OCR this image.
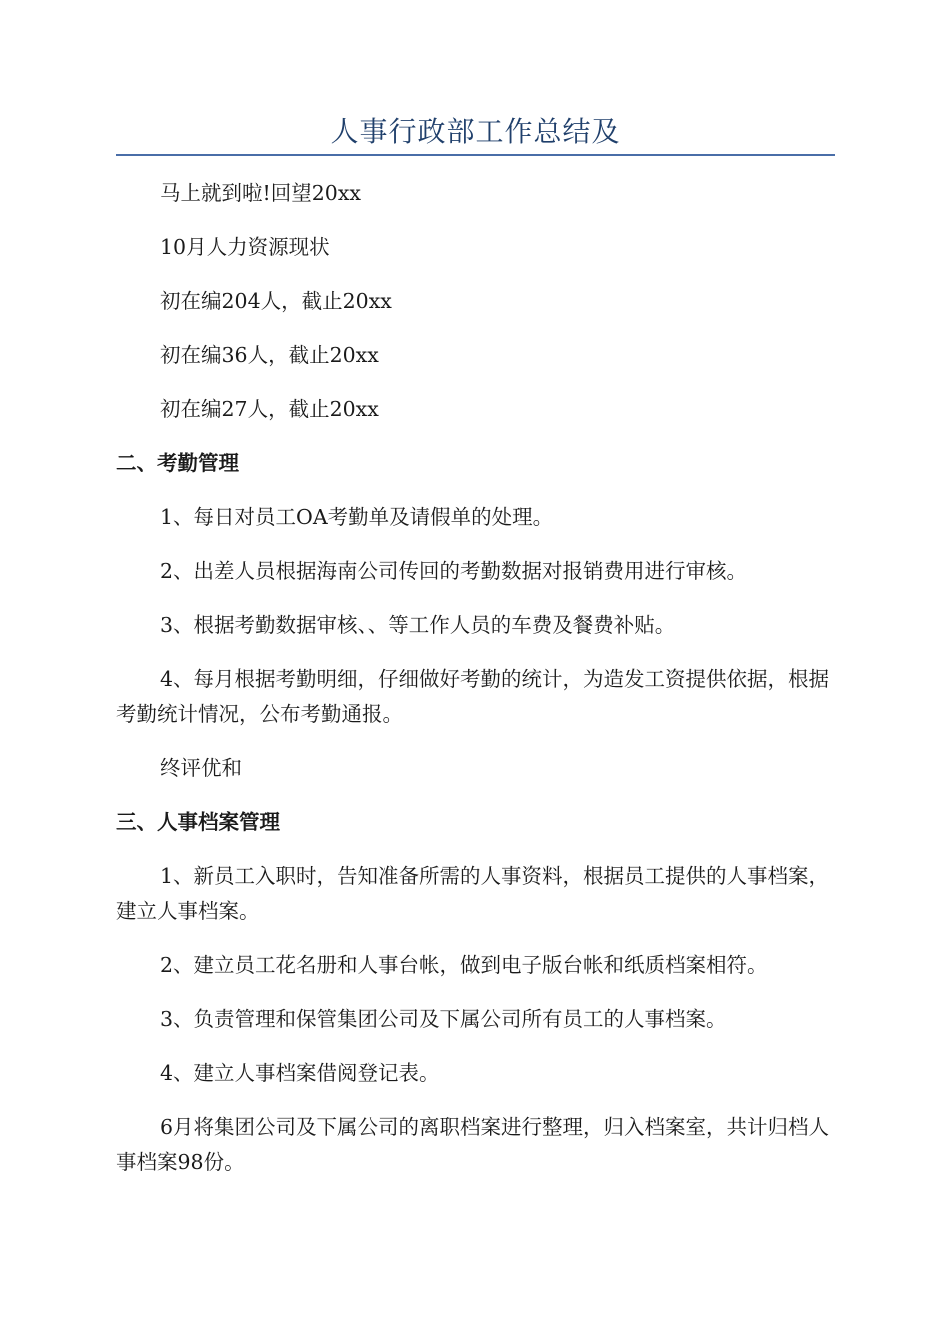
人事行政部工作总结及

马上就到啦!回望20xx

10月人力资源现状

初在编204人，截止20xx

初在编36人，截止20xx

初在编27人，截止20xx

二、考勤管理

1、每日对员工OA考勤单及请假单的处理。

2、出差人员根据海南公司传回的考勤数据对报销费用进行审核。

3、根据考勤数据审核、、等工作人员的车费及餐费补贴。

4、每月根据考勤明细，仔细做好考勤的统计，为造发工资提供依据，根据考勤统计情况，公布考勤通报。

终评优和

三、人事档案管理

1、新员工入职时，告知准备所需的人事资料，根据员工提供的人事档案，建立人事档案。

2、建立员工花名册和人事台帐，做到电子版台帐和纸质档案相符。

3、负责管理和保管集团公司及下属公司所有员工的人事档案。

4、建立人事档案借阅登记表。

6月将集团公司及下属公司的离职档案进行整理，归入档案室，共计归档人事档案98份。
